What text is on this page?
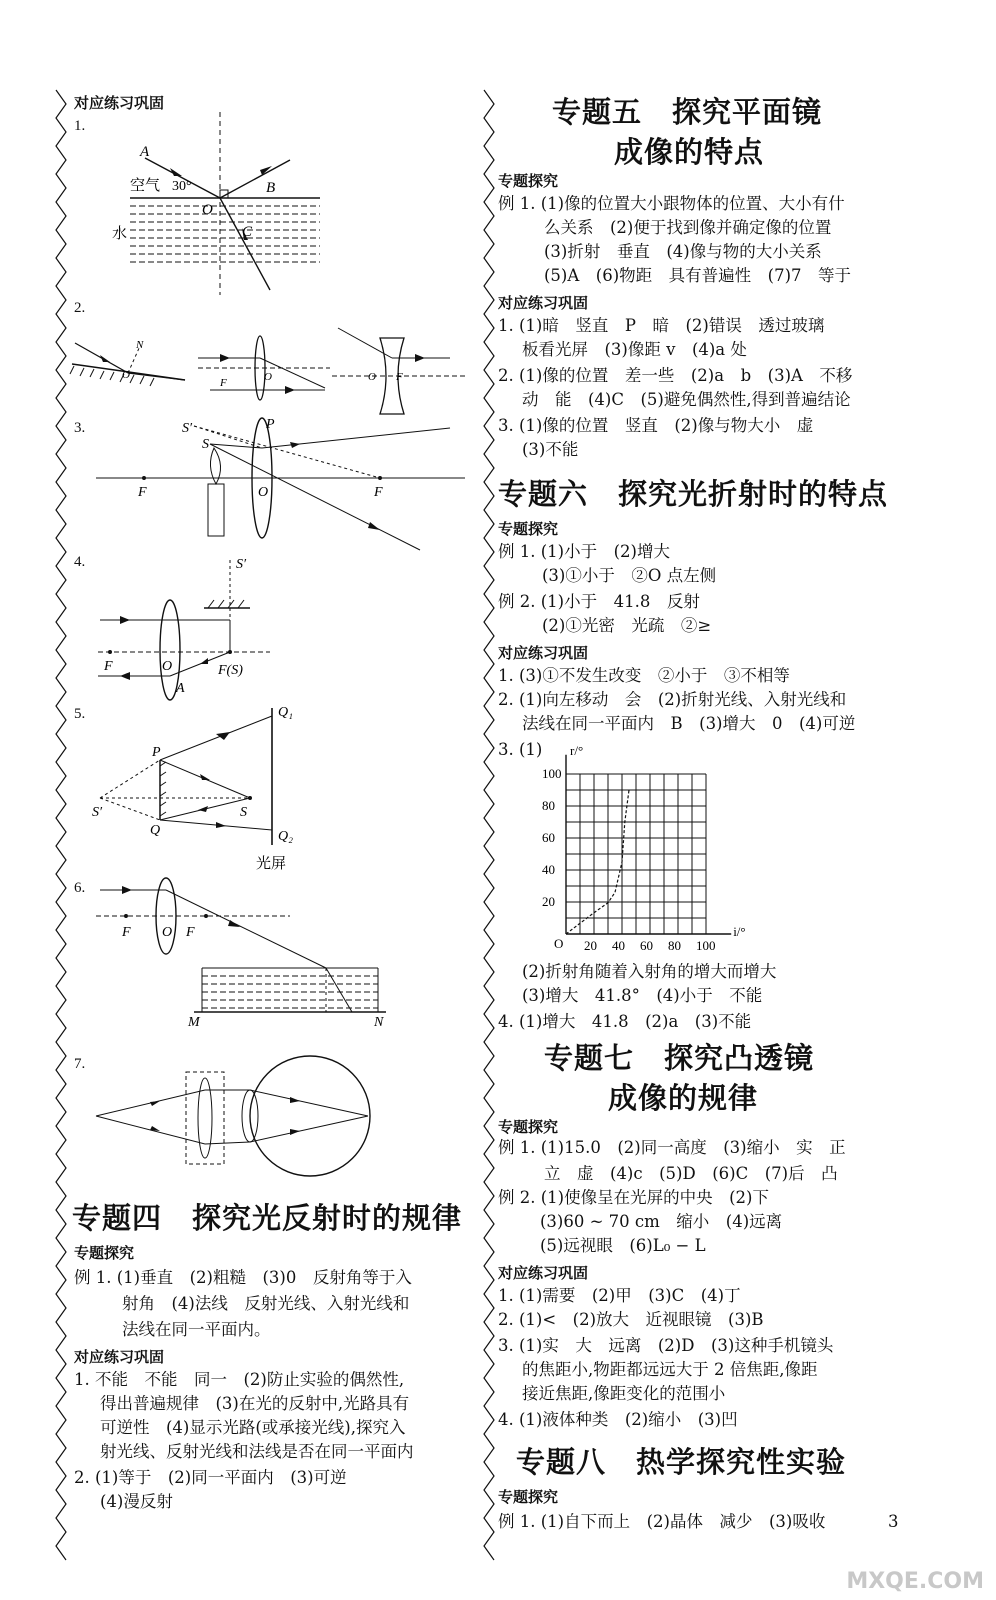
对应练习巩固
1.
A
B
O
C
空气 30°
水
2.
N
O
F	O	O F
3.	S′
S
P
F	F
O
4.	S′
F	O	F(S)
A
5.	Q₁
Q₂
P
S′
Q
S
光屏
6.
F O F
M	N
7.
专题四　探究光反射时的规律
专题探究
例 1. (1)垂直　(2)粗糙　(3)0　反射角等于入
射角　(4)法线　反射光线、入射光线和
法线在同一平面内。
对应练习巩固
1. 不能　不能　同一　(2)防止实验的偶然性,
得出普遍规律　(3)在光的反射中,光路具有
可逆性　(4)显示光路(或承接光线),探究入
射光线、反射光线和法线是否在同一平面内
2. (1)等于　(2)同一平面内　(3)可逆
(4)漫反射
专题五　探究平面镜
成像的特点
专题探究
例 1. (1)像的位置大小跟物体的位置、大小有什
么关系　(2)便于找到像并确定像的位置
(3)折射　垂直　(4)像与物的大小关系
(5)A　(6)物距　具有普遍性　(7)7　等于
对应练习巩固
1. (1)暗　竖直　P　暗　(2)错误　透过玻璃
板看光屏　(3)像距 v　(4)a 处
2. (1)像的位置　差一些　(2)a　b　(3)A　不移
动　能　(4)C　(5)避免偶然性,得到普遍结论
3. (1)像的位置　竖直　(2)像与物大小　虚
(3)不能
专题六　探究光折射时的特点
专题探究
例 1. (1)小于　(2)增大
(3)①小于　②O 点左侧
例 2. (1)小于　41.8　反射
(2)①光密　光疏　②≥
对应练习巩固
1. (3)①不发生改变　②小于　③不相等
2. (1)向左移动　会　(2)折射光线、入射光线和
法线在同一平面内　B　(3)增大　0　(4)可逆
3. (1)
20 40 60 80 100
20
40
60
80
100
O
i/°
r/°
(2)折射角随着入射角的增大而增大
(3)增大　41.8°　(4)小于　不能
4. (1)增大　41.8　(2)a　(3)不能
专题七　探究凸透镜
成像的规律
专题探究
例 1. (1)15.0　(2)同一高度　(3)缩小　实　正
立　虚　(4)c　(5)D　(6)C　(7)后　凸
例 2. (1)使像呈在光屏的中央　(2)下
(3)60 ~ 70 cm　缩小　(4)远离
(5)远视眼　(6)L₀ − L
对应练习巩固
1. (1)需要　(2)甲　(3)C　(4)丁
2. (1)<　(2)放大　近视眼镜　(3)B
3. (1)实　大　远离　(2)D　(3)这种手机镜头
的焦距小,物距都远远大于 2 倍焦距,像距
接近焦距,像距变化的范围小
4. (1)液体种类　(2)缩小　(3)凹
专题八　热学探究性实验
专题探究
例 1. (1)自下而上　(2)晶体　减少　(3)吸收	3
MXQE.COM
